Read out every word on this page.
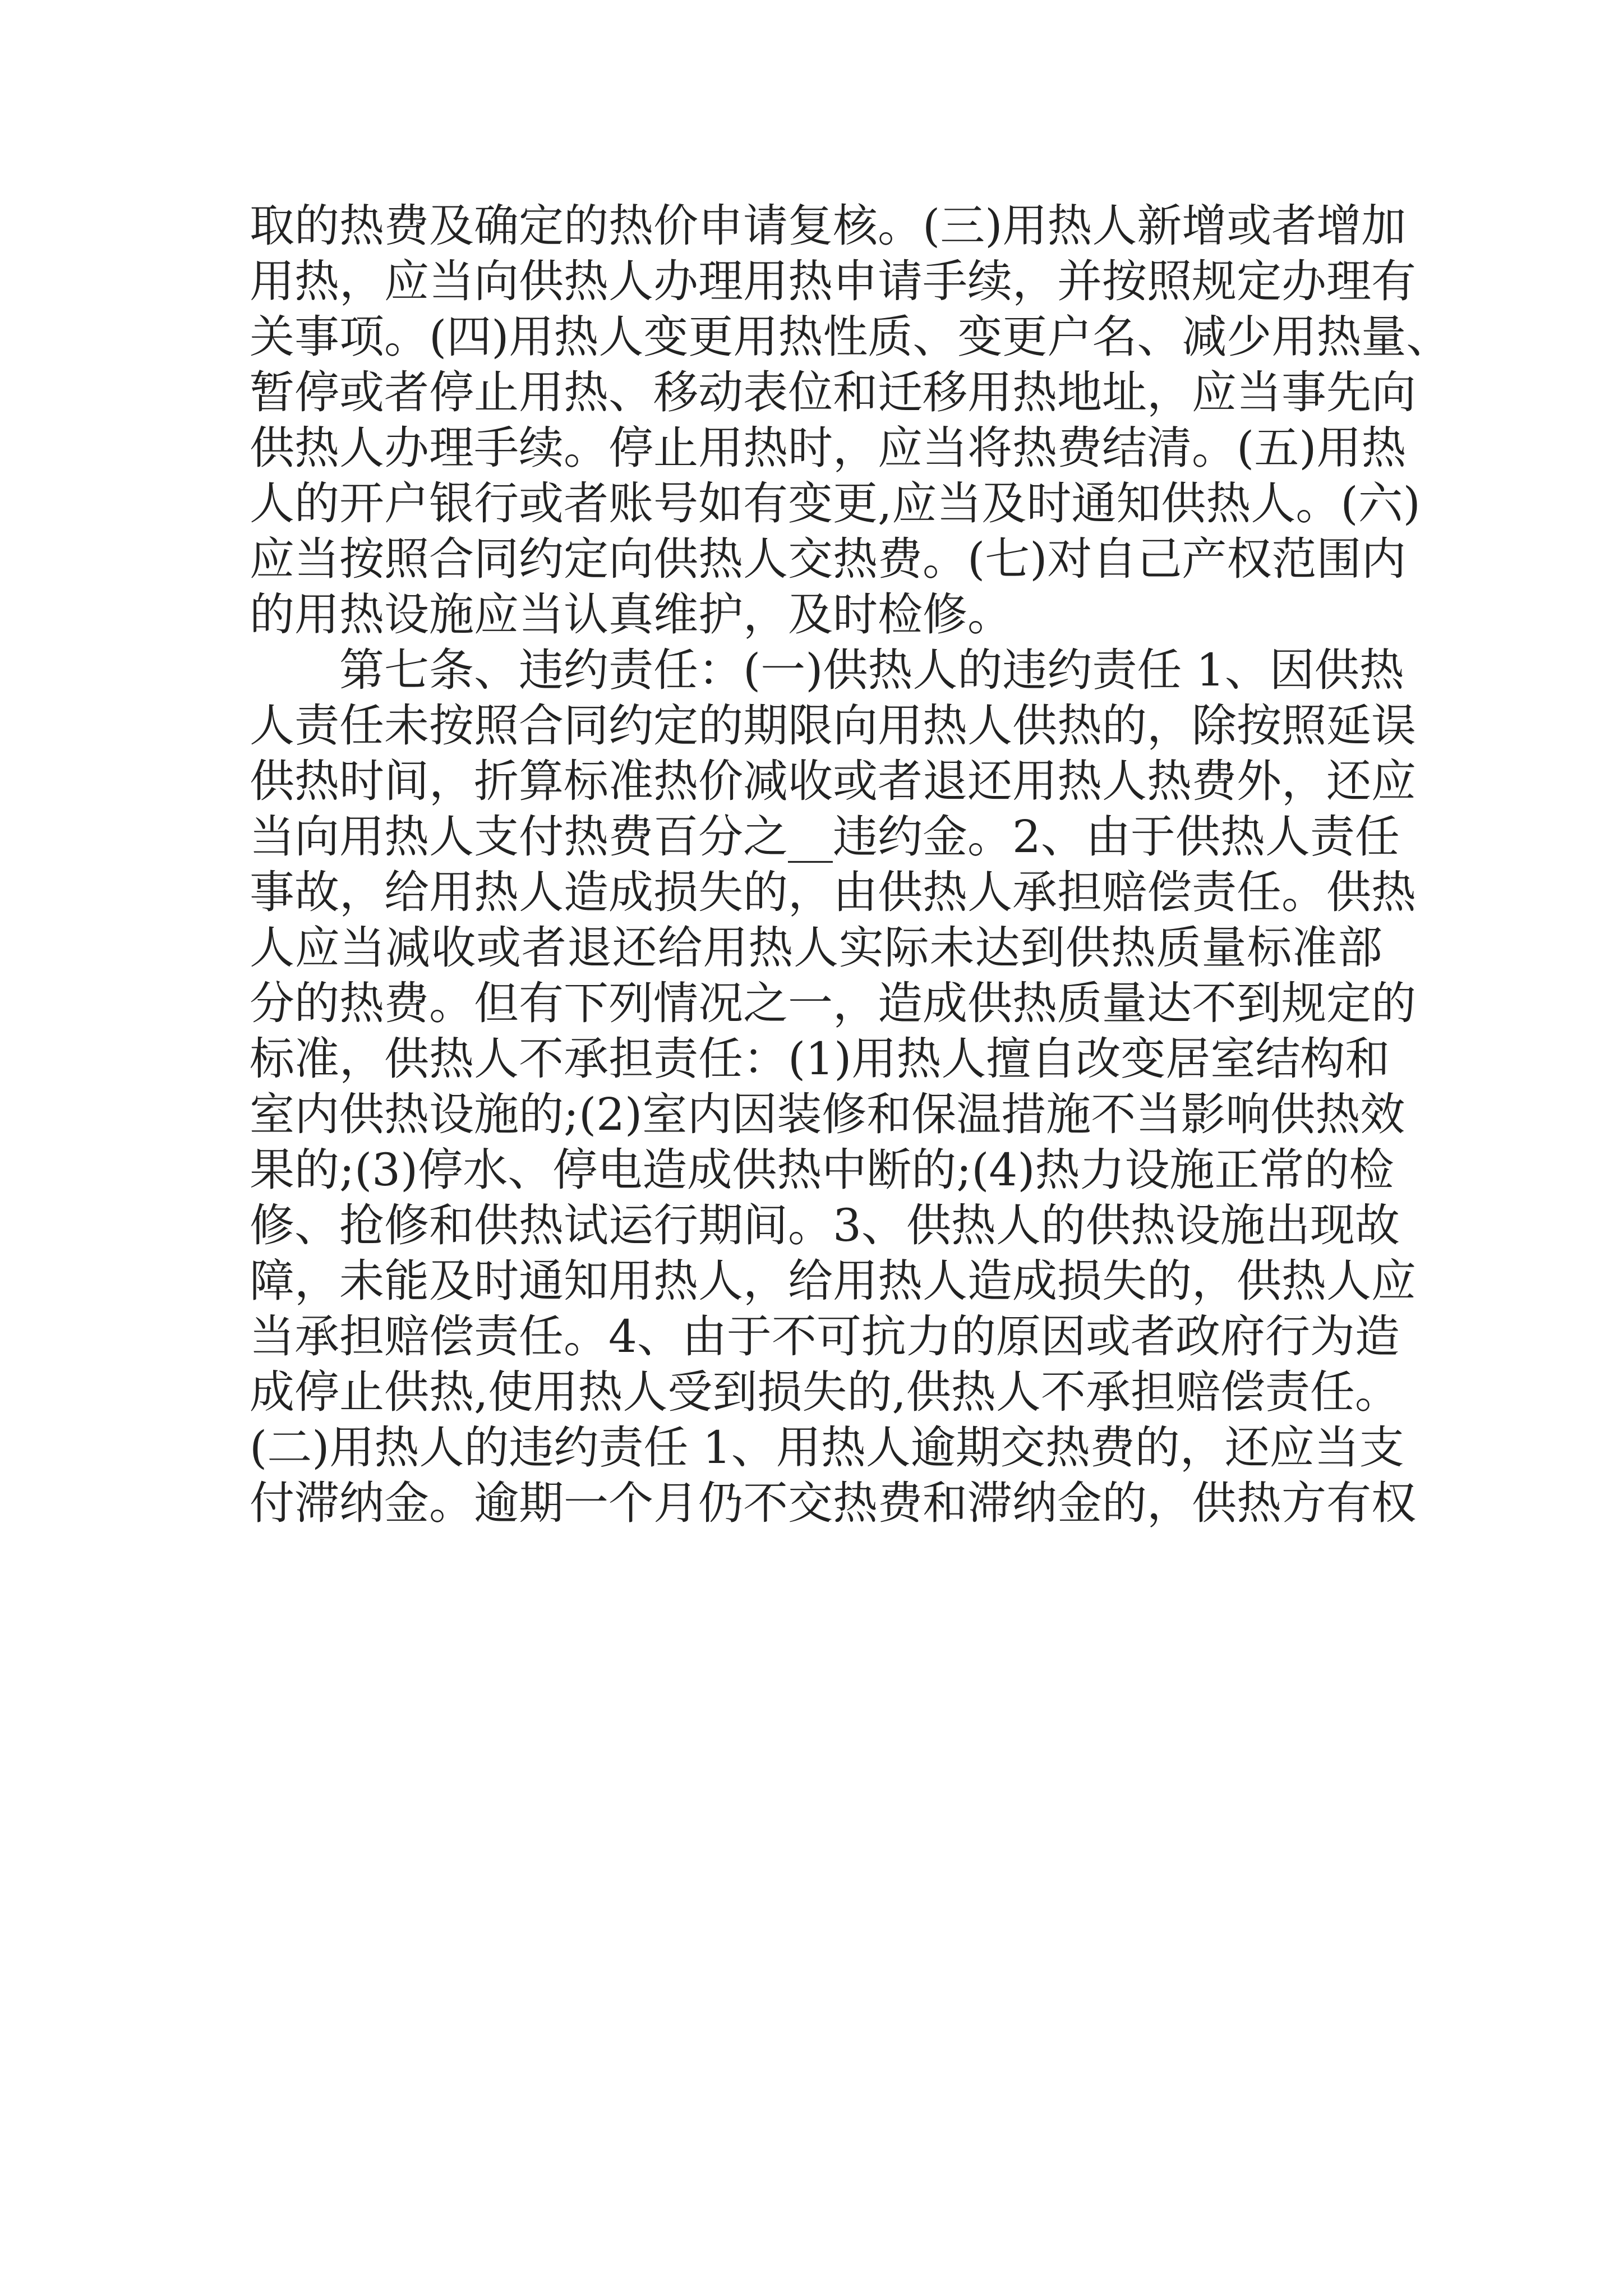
取的热费及确定的热价申请复核。(三)用热人新增或者增加
用热，应当向供热人办理用热申请手续，并按照规定办理有
关事项。(四)用热人变更用热性质、变更户名、减少用热量、
暂停或者停止用热、移动表位和迁移用热地址，应当事先向
供热人办理手续。停止用热时，应当将热费结清。(五)用热
人的开户银行或者账号如有变更,应当及时通知供热人。(六)
应当按照合同约定向供热人交热费。(七)对自己产权范围内
的用热设施应当认真维护，及时检修。
第七条、违约责任：(一)供热人的违约责任 1、因供热
人责任未按照合同约定的期限向用热人供热的，除按照延误
供热时间，折算标准热价减收或者退还用热人热费外，还应
当向用热人支付热费百分之__违约金。2、由于供热人责任
事故，给用热人造成损失的，由供热人承担赔偿责任。供热
人应当减收或者退还给用热人实际未达到供热质量标准部
分的热费。但有下列情况之一，造成供热质量达不到规定的
标准，供热人不承担责任：(1)用热人擅自改变居室结构和
室内供热设施的;(2)室内因装修和保温措施不当影响供热效
果的;(3)停水、停电造成供热中断的;(4)热力设施正常的检
修、抢修和供热试运行期间。3、供热人的供热设施出现故
障，未能及时通知用热人，给用热人造成损失的，供热人应
当承担赔偿责任。4、由于不可抗力的原因或者政府行为造
成停止供热,使用热人受到损失的,供热人不承担赔偿责任。
(二)用热人的违约责任 1、用热人逾期交热费的，还应当支
付滞纳金。逾期一个月仍不交热费和滞纳金的，供热方有权
